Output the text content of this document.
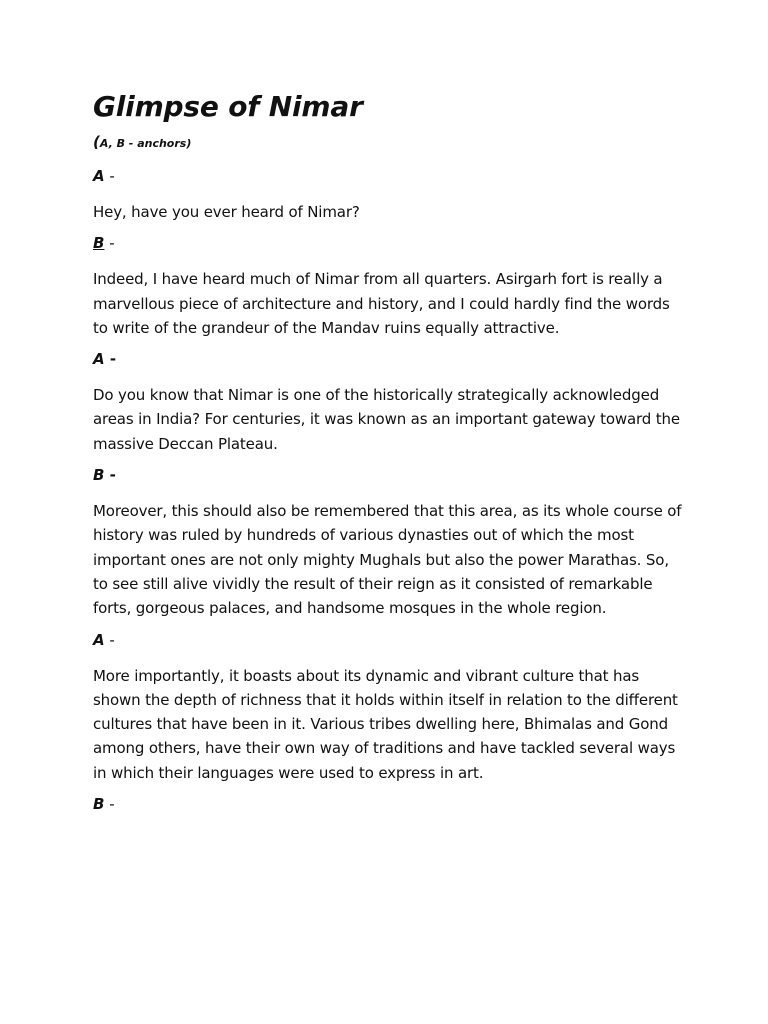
Glimpse of Nimar
(A, B - anchors)
A -

Hey, have you ever heard of Nimar?

B -

Indeed, I have heard much of Nimar from all quarters. Asirgarh fort is really a marvellous piece of architecture and history, and I could hardly find the words to write of the grandeur of the Mandav ruins equally attractive.

A -

Do you know that Nimar is one of the historically strategically acknowledged areas in India? For centuries, it was known as an important gateway toward the massive Deccan Plateau.

B -

Moreover, this should also be remembered that this area, as its whole course of history was ruled by hundreds of various dynasties out of which the most important ones are not only mighty Mughals but also the power Marathas. So, to see still alive vividly the result of their reign as it consisted of remarkable forts, gorgeous palaces, and handsome mosques in the whole region.

A -

More importantly, it boasts about its dynamic and vibrant culture that has shown the depth of richness that it holds within itself in relation to the different cultures that have been in it. Various tribes dwelling here, Bhimalas and Gond among others, have their own way of traditions and have tackled several ways in which their languages were used to express in art.

B -
